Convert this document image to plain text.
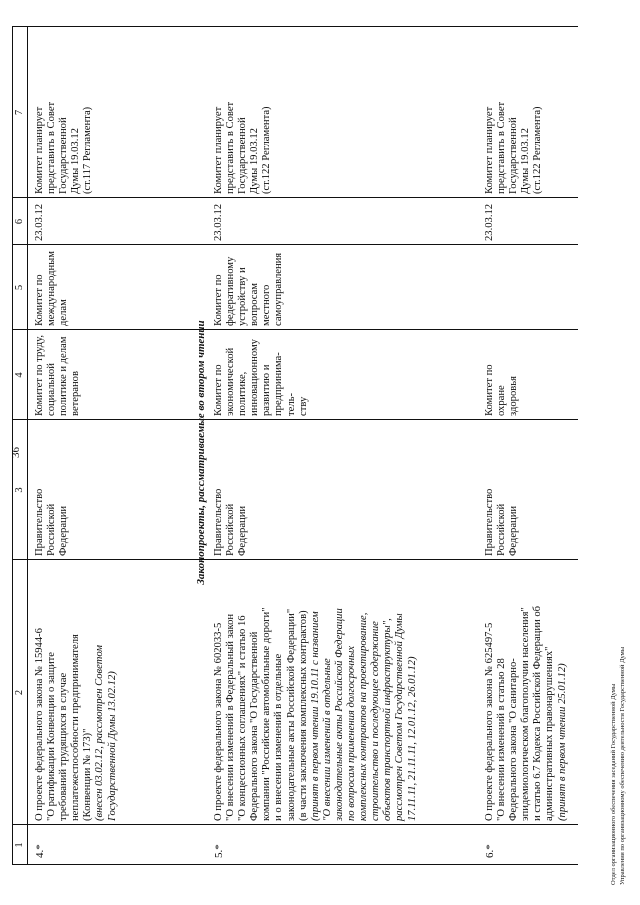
36
1
2
3
4
5
6
7
4.*
О проекте федерального закона № 15944-6 "О ратификации Конвенции о защите требований трудящихся в случае неплатежеспособности предпринимателя (Конвенции № 173)" (внесен 03.02.12, рассмотрен Советом Государственной Думы 13.02.12)
Правительство Российской Федерации
Комитет по труду, социальной политике и делам ветеранов
Комитет по международным делам
Комитет планирует представить в Совет Государственной Думы 19.03.12 (ст.117 Регламента)
23.03.12
5.*
О проекте федерального закона № 602033-5 "О внесении изменений в Федеральный закон "О концессионных соглашениях" и статью 16 Федерального закона "О Государственной компании "Российские автомобильные дороги" и о внесении изменений в отдельные законодательные акты Российской Федерации" (в части заключения комплексных контрактов) (принят в первом чтении 19.10.11 с названием "О внесении изменений в отдельные законодательные акты Российской Федерации по вопросам применения долгосрочных комплексных контрактов на проектирование, строительство и последующее содержание объектов транспортной инфраструктуры", рассмотрен Советом Государственной Думы 17.11.11, 21.11.11, 12.01.12, 26.01.12)
Правительство Российской Федерации
Комитет по экономической политике, инновационному развитию и предпринима-тель- ству
Комитет по федеративному устройству и вопросам местного самоуправления
Комитет планирует представить в Совет Государственной Думы 19.03.12 (ст.122 Регламента)
23.03.12
6.*
О проекте федерального закона № 625497-5 "О внесении изменений в статью 28 Федерального закона "О санитарно- эпидемиологическом благополучии населения" и статью 6.7 Кодекса Российской Федерации об административных правонарушениях" (принят в первом чтении 25.01.12)
Правительство Российской Федерации
Комитет по охране здоровья
Комитет планирует представить в Совет Государственной Думы 19.03.12 (ст.122 Регламента)
23.03.12
Законопроекты, рассматриваемые во втором чтении
Отдел организационного обеспечения заседаний Государственной Думы Управления по организационному обеспечению деятельности Государственной Думы
